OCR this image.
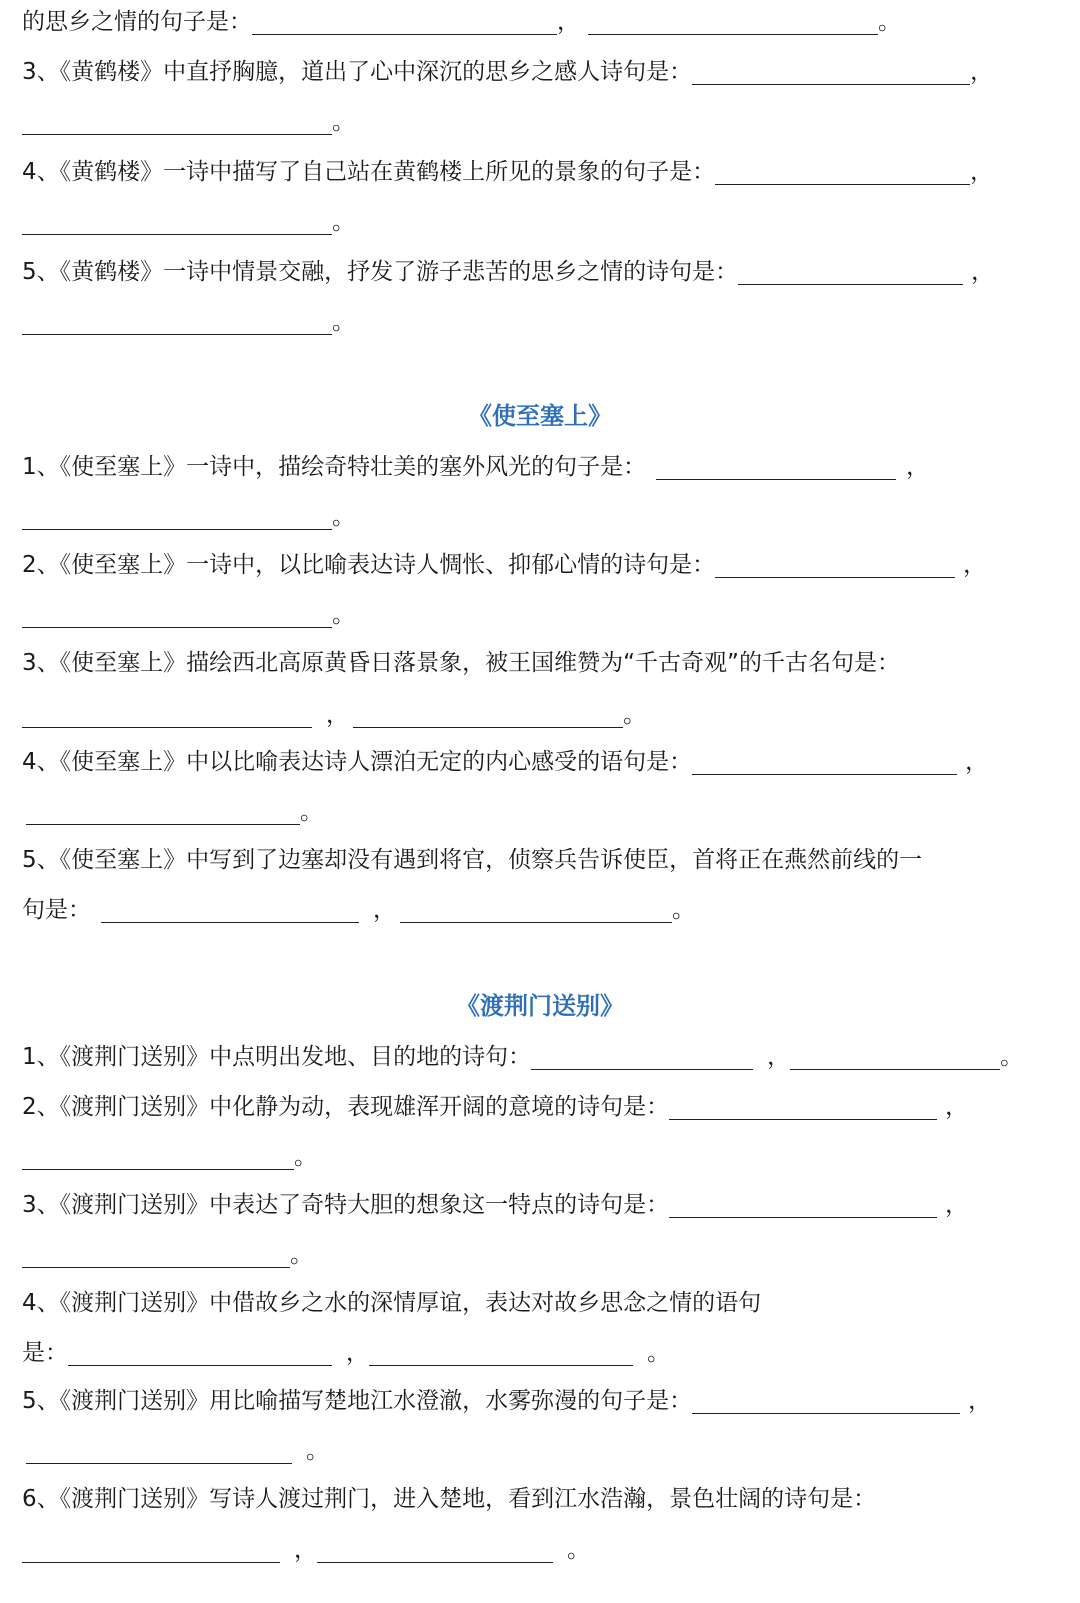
的思乡之情的句子是：	，	。
3、《黄鹤楼》中直抒胸臆，道出了心中深沉的思乡之感人诗句是：	，
。
4、《黄鹤楼》一诗中描写了自己站在黄鹤楼上所见的景象的句子是：	，
。
5、《黄鹤楼》一诗中情景交融，抒发了游子悲苦的思乡之情的诗句是：	，
。
《使至塞上》
1、《使至塞上》一诗中，描绘奇特壮美的塞外风光的句子是：	，
。
2、《使至塞上》一诗中，以比喻表达诗人惆怅、抑郁心情的诗句是：	，
。
3、《使至塞上》描绘西北高原黄昏日落景象，被王国维赞为“千古奇观”的千古名句是：
，	。
4、《使至塞上》中以比喻表达诗人漂泊无定的内心感受的语句是：	，
。
5、《使至塞上》中写到了边塞却没有遇到将官，侦察兵告诉使臣，首将正在燕然前线的一
句是：	，	。
《渡荆门送别》
1、《渡荆门送别》中点明出发地、目的地的诗句：	，	。
2、《渡荆门送别》中化静为动，表现雄浑开阔的意境的诗句是：	，
。
3、《渡荆门送别》中表达了奇特大胆的想象这一特点的诗句是：	，
。
4、《渡荆门送别》中借故乡之水的深情厚谊，表达对故乡思念之情的语句
是：	，	。
5、《渡荆门送别》用比喻描写楚地江水澄澈，水雾弥漫的句子是：	，
。
6、《渡荆门送别》写诗人渡过荆门，进入楚地，看到江水浩瀚，景色壮阔的诗句是：
，	。
